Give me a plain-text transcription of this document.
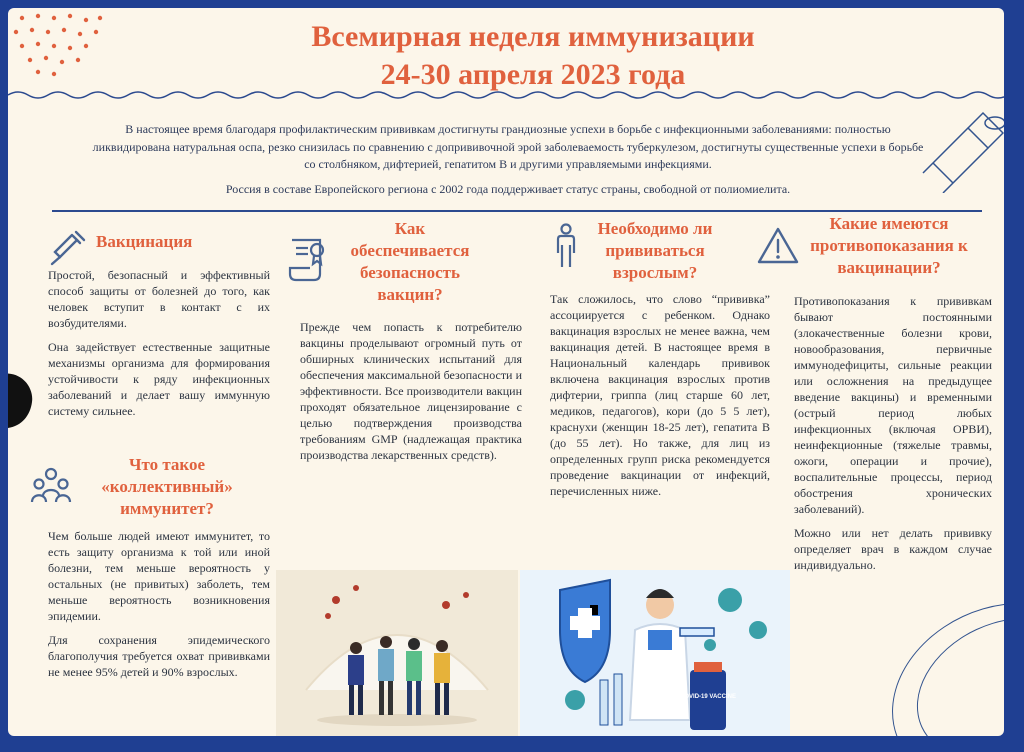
Всемирная неделя иммунизации
24-30 апреля 2023 года

В настоящее время благодаря профилактическим прививкам достигнуты грандиозные успехи в борьбе с инфекционными заболеваниями: полностью ликвидирована натуральная оспа, резко снизилась по сравнению с допрививочной эрой заболеваемость туберкулезом, достигнуты существенные успехи в борьбе со столбняком, дифтерией, гепатитом В и другими управляемыми инфекциями.

Россия в составе Европейского региона с 2002 года поддерживает статус страны, свободной от полиомиелита.

Вакцинация

Простой, безопасный и эффективный способ защиты от болезней до того, как человек вступит в контакт с их возбудителями.

Она задействует естественные защитные механизмы организма для формирования устойчивости к ряду инфекционных заболеваний и делает вашу иммунную систему сильнее.

Что такое «коллективный» иммунитет?

Чем больше людей имеют иммунитет, то есть защиту организма к той или иной болезни, тем меньше вероятность у остальных (не привитых) заболеть, тем меньше вероятность возникновения эпидемии.

Для сохранения эпидемического благополучия требуется охват прививками не менее 95% детей и 90% взрослых.

Как обеспечивается безопасность вакцин?

Прежде чем попасть к потребителю вакцины проделывают огромный путь от обширных клинических испытаний для обеспечения максимальной безопасности и эффективности. Все производители вакцин проходят обязательное лицензирование с целью подтверждения производства требованиям GMP (надлежащая практика производства лекарственных средств).

Необходимо ли прививаться взрослым?

Так сложилось, что слово “прививка” ассоциируется с ребенком. Однако вакцинация взрослых не менее важна, чем вакцинация детей. В настоящее время в Национальный календарь прививок включена вакцинация взрослых против дифтерии, гриппа (лиц старше 60 лет, медиков, педагогов), кори (до 5 5 лет), краснухи (женщин 18-25 лет), гепатита В (до 55 лет). Но также, для лиц из определенных групп риска рекомендуется проведение вакцинации от инфекций, перечисленных ниже.

Какие имеются противопоказания к вакцинации?

Противопоказания к прививкам бывают постоянными (злокачественные болезни крови, новообразования, первичные иммунодефициты, сильные реакции или осложнения на предыдущее введение вакцины) и временными (острый период любых инфекционных (включая ОРВИ), неинфекционные (тяжелые травмы, ожоги, операции и прочие), воспалительные процессы, период обострения хронических заболеваний).

Можно или нет делать прививку определяет врач в каждом случае индивидуально.

COVID-19 VACCINE
